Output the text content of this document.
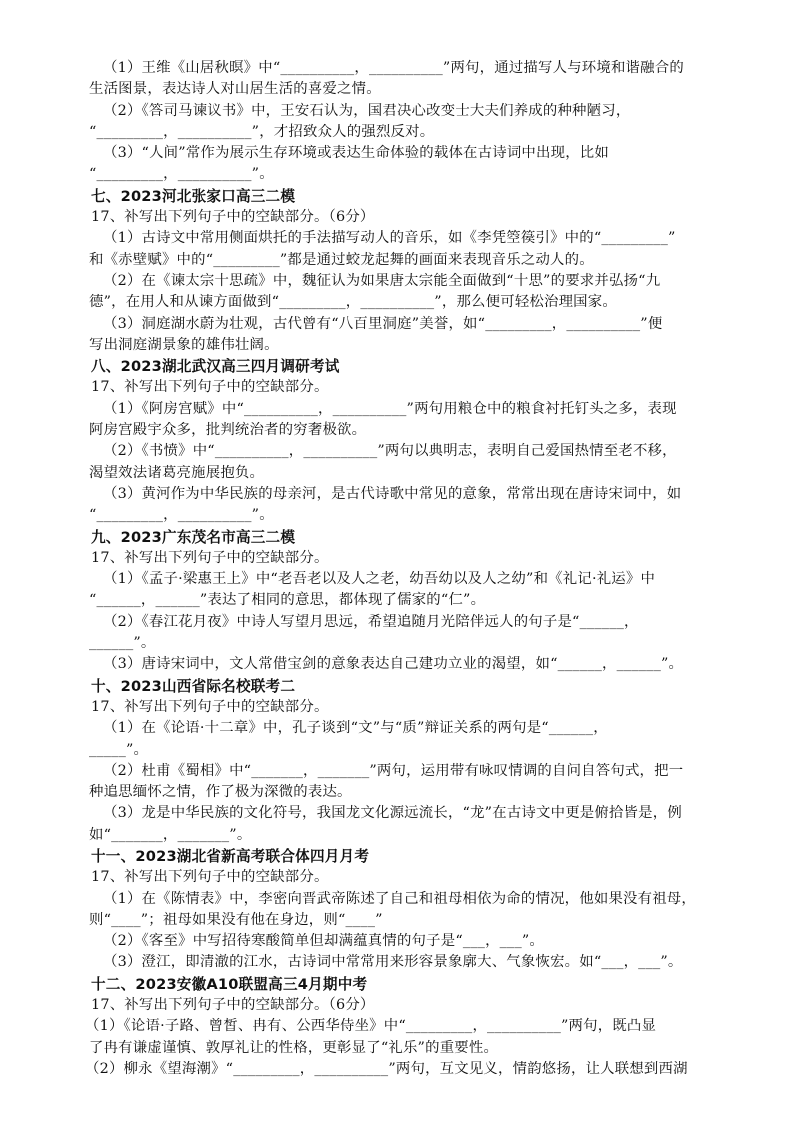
（1）王维《山居秋暝》中“__________，__________”两句，通过描写人与环境和谐融合的
生活图景，表达诗人对山居生活的喜爱之情。
（2）《答司马谏议书》中，王安石认为，国君决心改变士大夫们养成的种种陋习，
“_________，__________”，才招致众人的强烈反对。
（3）“人间”常作为展示生存环境或表达生命体验的载体在古诗词中出现，比如
“_________，__________”。
七、2023河北张家口高三二模
17、补写出下列句子中的空缺部分。（6分）
（1）古诗文中常用侧面烘托的手法描写动人的音乐，如《李凭箜篌引》中的“_________”
和《赤壁赋》中的“_________”都是通过蛟龙起舞的画面来表现音乐之动人的。
（2）在《谏太宗十思疏》中，魏征认为如果唐太宗能全面做到“十思”的要求并弘扬“九
德”，在用人和从谏方面做到“_________，__________”，那么便可轻松治理国家。
（3）洞庭湖水蔚为壮观，古代曾有“八百里洞庭”美誉，如“_________，__________”便
写出洞庭湖景象的雄伟壮阔。
八、2023湖北武汉高三四月调研考试
17、补写出下列句子中的空缺部分。
（1）《阿房宫赋》中“__________，__________”两句用粮仓中的粮食衬托钉头之多，表现
阿房宫殿宇众多，批判统治者的穷奢极欲。
（2）《书愤》中“__________，__________”两句以典明志，表明自己爱国热情至老不移，
渴望效法诸葛亮施展抱负。
（3）黄河作为中华民族的母亲河，是古代诗歌中常见的意象，常常出现在唐诗宋词中，如
“_________，__________”。
九、2023广东茂名市高三二模
17、补写出下列句子中的空缺部分。
（1）《孟子·梁惠王上》中“老吾老以及人之老，幼吾幼以及人之幼”和《礼记·礼运》中
“______，______”表达了相同的意思，都体现了儒家的“仁”。
（2）《春江花月夜》中诗人写望月思远，希望追随月光陪伴远人的句子是“______，
______”。
（3）唐诗宋词中，文人常借宝剑的意象表达自己建功立业的渴望，如“______，______”。
十、2023山西省际名校联考二
17、补写出下列句子中的空缺部分。
（1）在《论语·十二章》中，孔子谈到“文”与“质”辩证关系的两句是“______，
_____”。
（2）杜甫《蜀相》中“_______，_______”两句，运用带有咏叹情调的自问自答句式，把一
种追思缅怀之情，作了极为深微的表达。
（3）龙是中华民族的文化符号，我国龙文化源远流长，“龙”在古诗文中更是俯拾皆是，例
如“_______，_______”。
十一、2023湖北省新高考联合体四月月考
17、补写出下列句子中的空缺部分。
（1）在《陈情表》中，李密向晋武帝陈述了自己和祖母相依为命的情况，他如果没有祖母，
则“____”；祖母如果没有他在身边，则“____”
（2）《客至》中写招待寒酸简单但却满蕴真情的句子是“___，___”。
（3）澄江，即清澈的江水，古诗词中常常用来形容景象廓大、气象恢宏。如“___，___”。
十二、2023安徽A10联盟高三4月期中考
17、补写出下列句子中的空缺部分。（6分）
（1）《论语·子路、曾皙、冉有、公西华侍坐》中“_________，__________”两句，既凸显
了冉有谦虚谨慎、敦厚礼让的性格，更彰显了“礼乐”的重要性。
（2）柳永《望海潮》“_________，__________”两句，互文见义，情韵悠扬，让人联想到西湖
